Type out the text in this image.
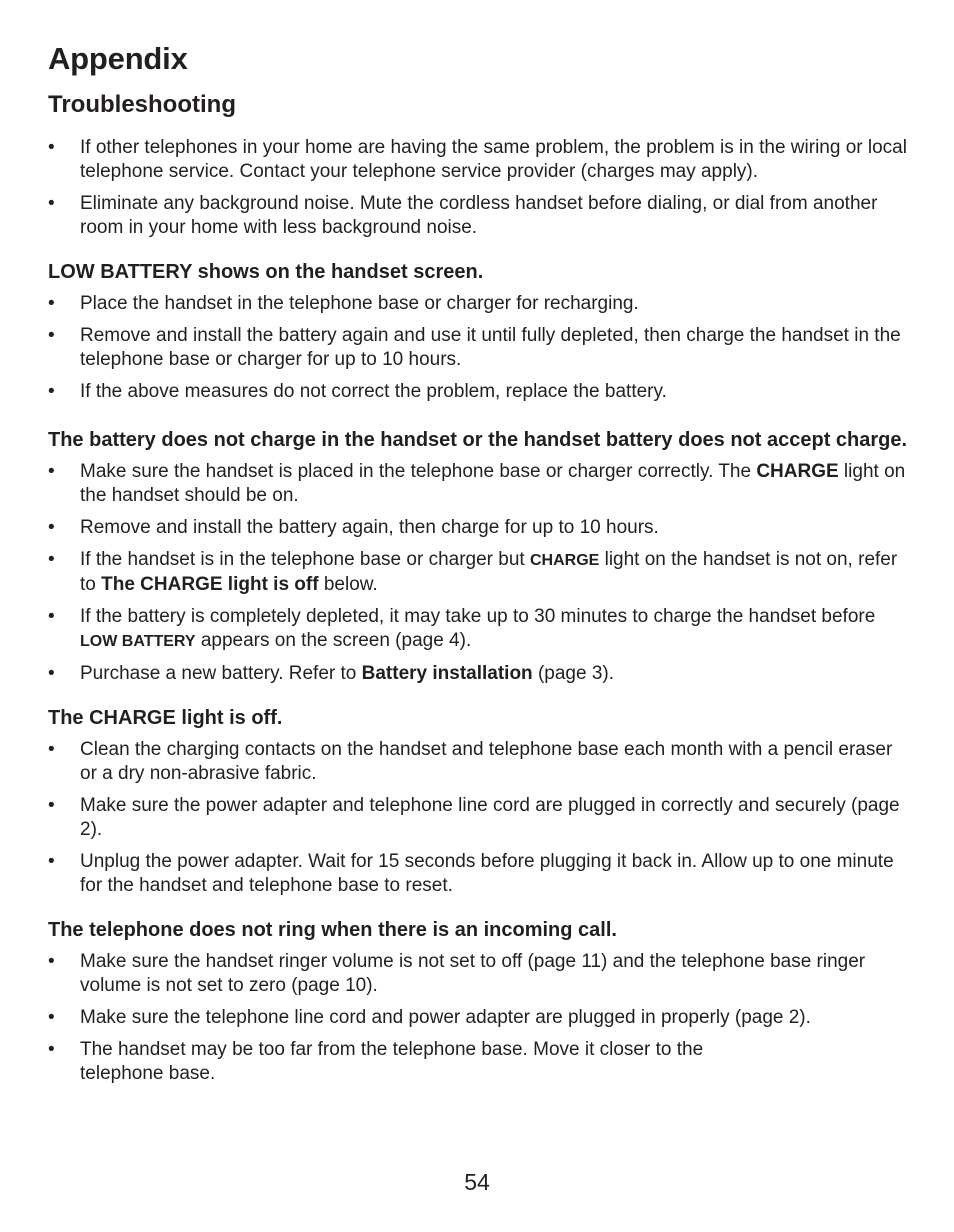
Appendix
Troubleshooting
• If other telephones in your home are having the same problem, the problem is in the wiring or local telephone service. Contact your telephone service provider (charges may apply).
• Eliminate any background noise. Mute the cordless handset before dialing, or dial from another room in your home with less background noise.
LOW BATTERY shows on the handset screen.
• Place the handset in the telephone base or charger for recharging.
• Remove and install the battery again and use it until fully depleted, then charge the handset in the telephone base or charger for up to 10 hours.
• If the above measures do not correct the problem, replace the battery.
The battery does not charge in the handset or the handset battery does not accept charge.
• Make sure the handset is placed in the telephone base or charger correctly. The CHARGE light on the handset should be on.
• Remove and install the battery again, then charge for up to 10 hours.
• If the handset is in the telephone base or charger but CHARGE light on the handset is not on, refer to The CHARGE light is off below.
• If the battery is completely depleted, it may take up to 30 minutes to charge the handset before LOW BATTERY appears on the screen (page 4).
• Purchase a new battery. Refer to Battery installation (page 3).
The CHARGE light is off.
• Clean the charging contacts on the handset and telephone base each month with a pencil eraser or a dry non-abrasive fabric.
• Make sure the power adapter and telephone line cord are plugged in correctly and securely (page 2).
• Unplug the power adapter. Wait for 15 seconds before plugging it back in. Allow up to one minute for the handset and telephone base to reset.
The telephone does not ring when there is an incoming call.
• Make sure the handset ringer volume is not set to off (page 11) and the telephone base ringer volume is not set to zero (page 10).
• Make sure the telephone line cord and power adapter are plugged in properly (page 2).
• The handset may be too far from the telephone base. Move it closer to the telephone base.
54
